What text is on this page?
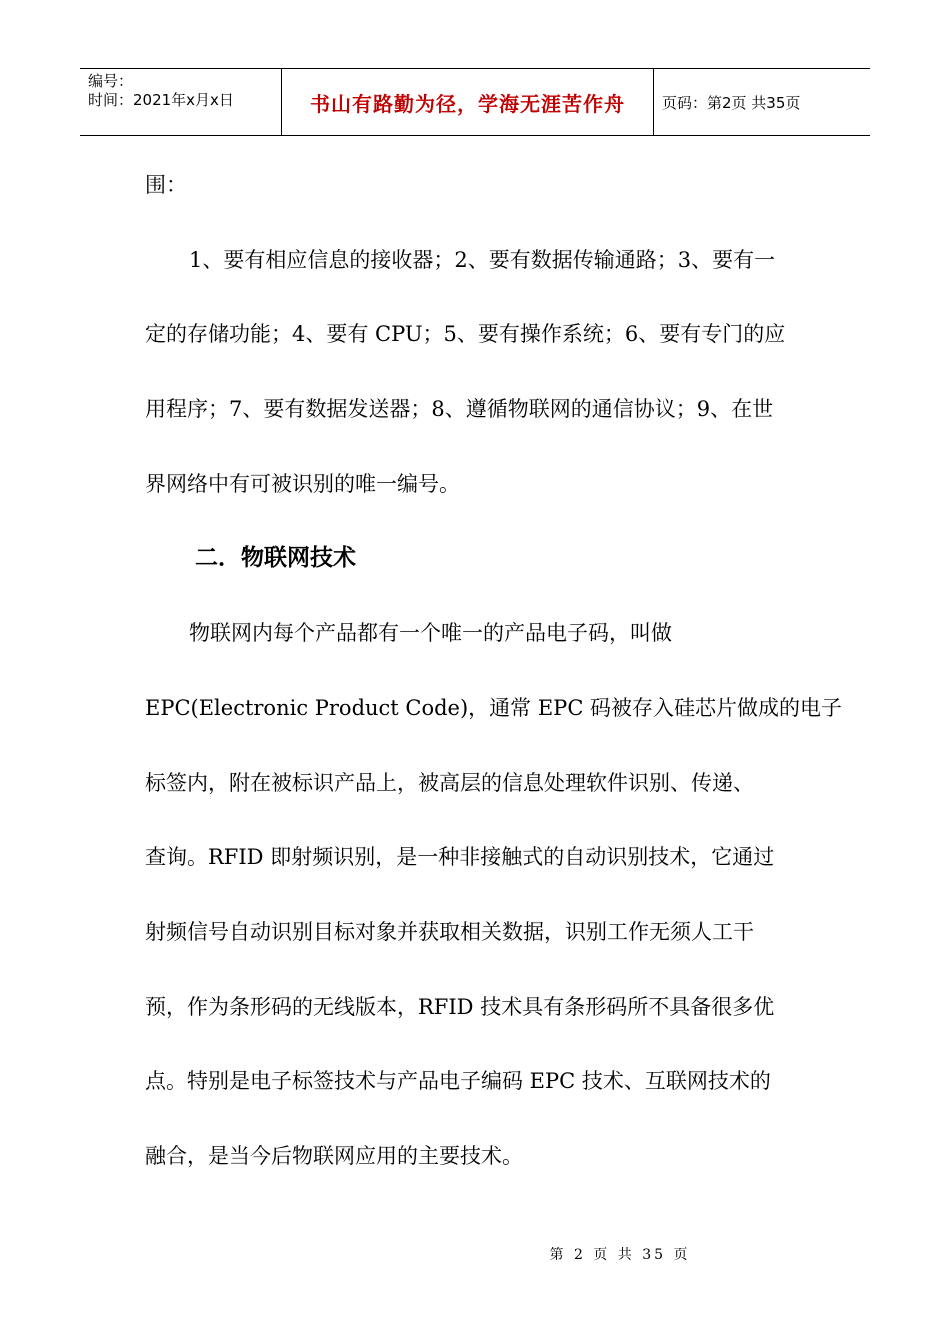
编号：
时间：2021年x月x日	书山有路勤为径，学海无涯苦作舟	页码：第2页 共35页
围：
1、要有相应信息的接收器；2、要有数据传输通路；3、要有一
定的存储功能；4、要有 CPU；5、要有操作系统；6、要有专门的应
用程序；7、要有数据发送器；8、遵循物联网的通信协议；9、在世
界网络中有可被识别的唯一编号。
二．物联网技术
物联网内每个产品都有一个唯一的产品电子码，叫做
EPC(Electronic Product Code)，通常 EPC 码被存入硅芯片做成的电子
标签内，附在被标识产品上，被高层的信息处理软件识别、传递、
查询。RFID 即射频识别，是一种非接触式的自动识别技术，它通过
射频信号自动识别目标对象并获取相关数据，识别工作无须人工干
预，作为条形码的无线版本，RFID 技术具有条形码所不具备很多优
点。特别是电子标签技术与产品电子编码 EPC 技术、互联网技术的
融合，是当今后物联网应用的主要技术。
第 2 页 共 35 页
